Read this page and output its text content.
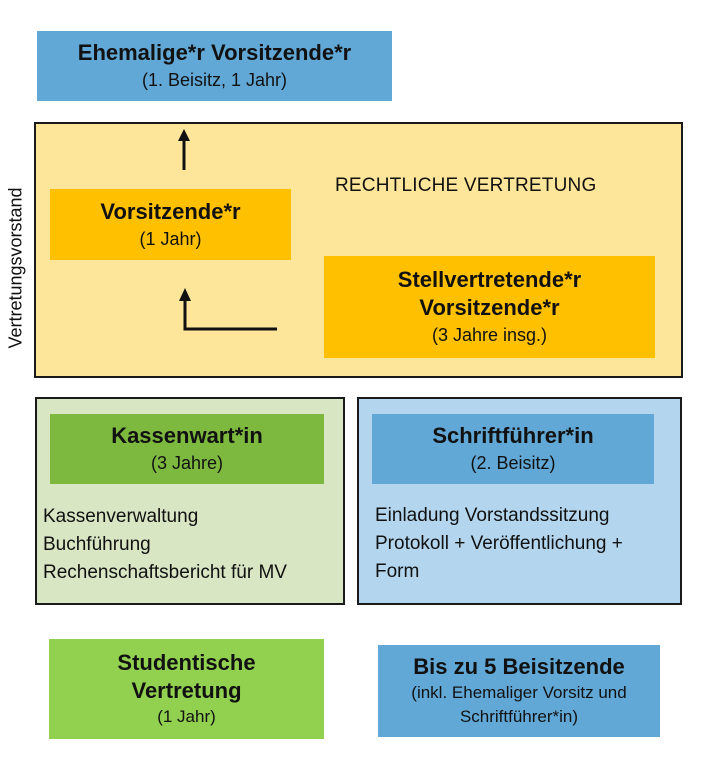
Ehemalige*r Vorsitzende*r
(1. Beisitz, 1 Jahr)
RECHTLICHE VERTRETUNG
Vertretungsvorstand	Vorsitzende*r
(1 Jahr)
Stellvertretende*r
Vorsitzende*r
(3 Jahre insg.)
Kassenwart*in
(3 Jahre)
Kassenverwaltung
Buchführung
Rechenschaftsbericht für MV
Schriftführer*in
(2. Beisitz)
Einladung Vorstandssitzung
Protokoll + Veröffentlichung +
Form
Studentische
Vertretung
(1 Jahr)
Bis zu 5 Beisitzende
(inkl. Ehemaliger Vorsitz und
Schriftführer*in)
